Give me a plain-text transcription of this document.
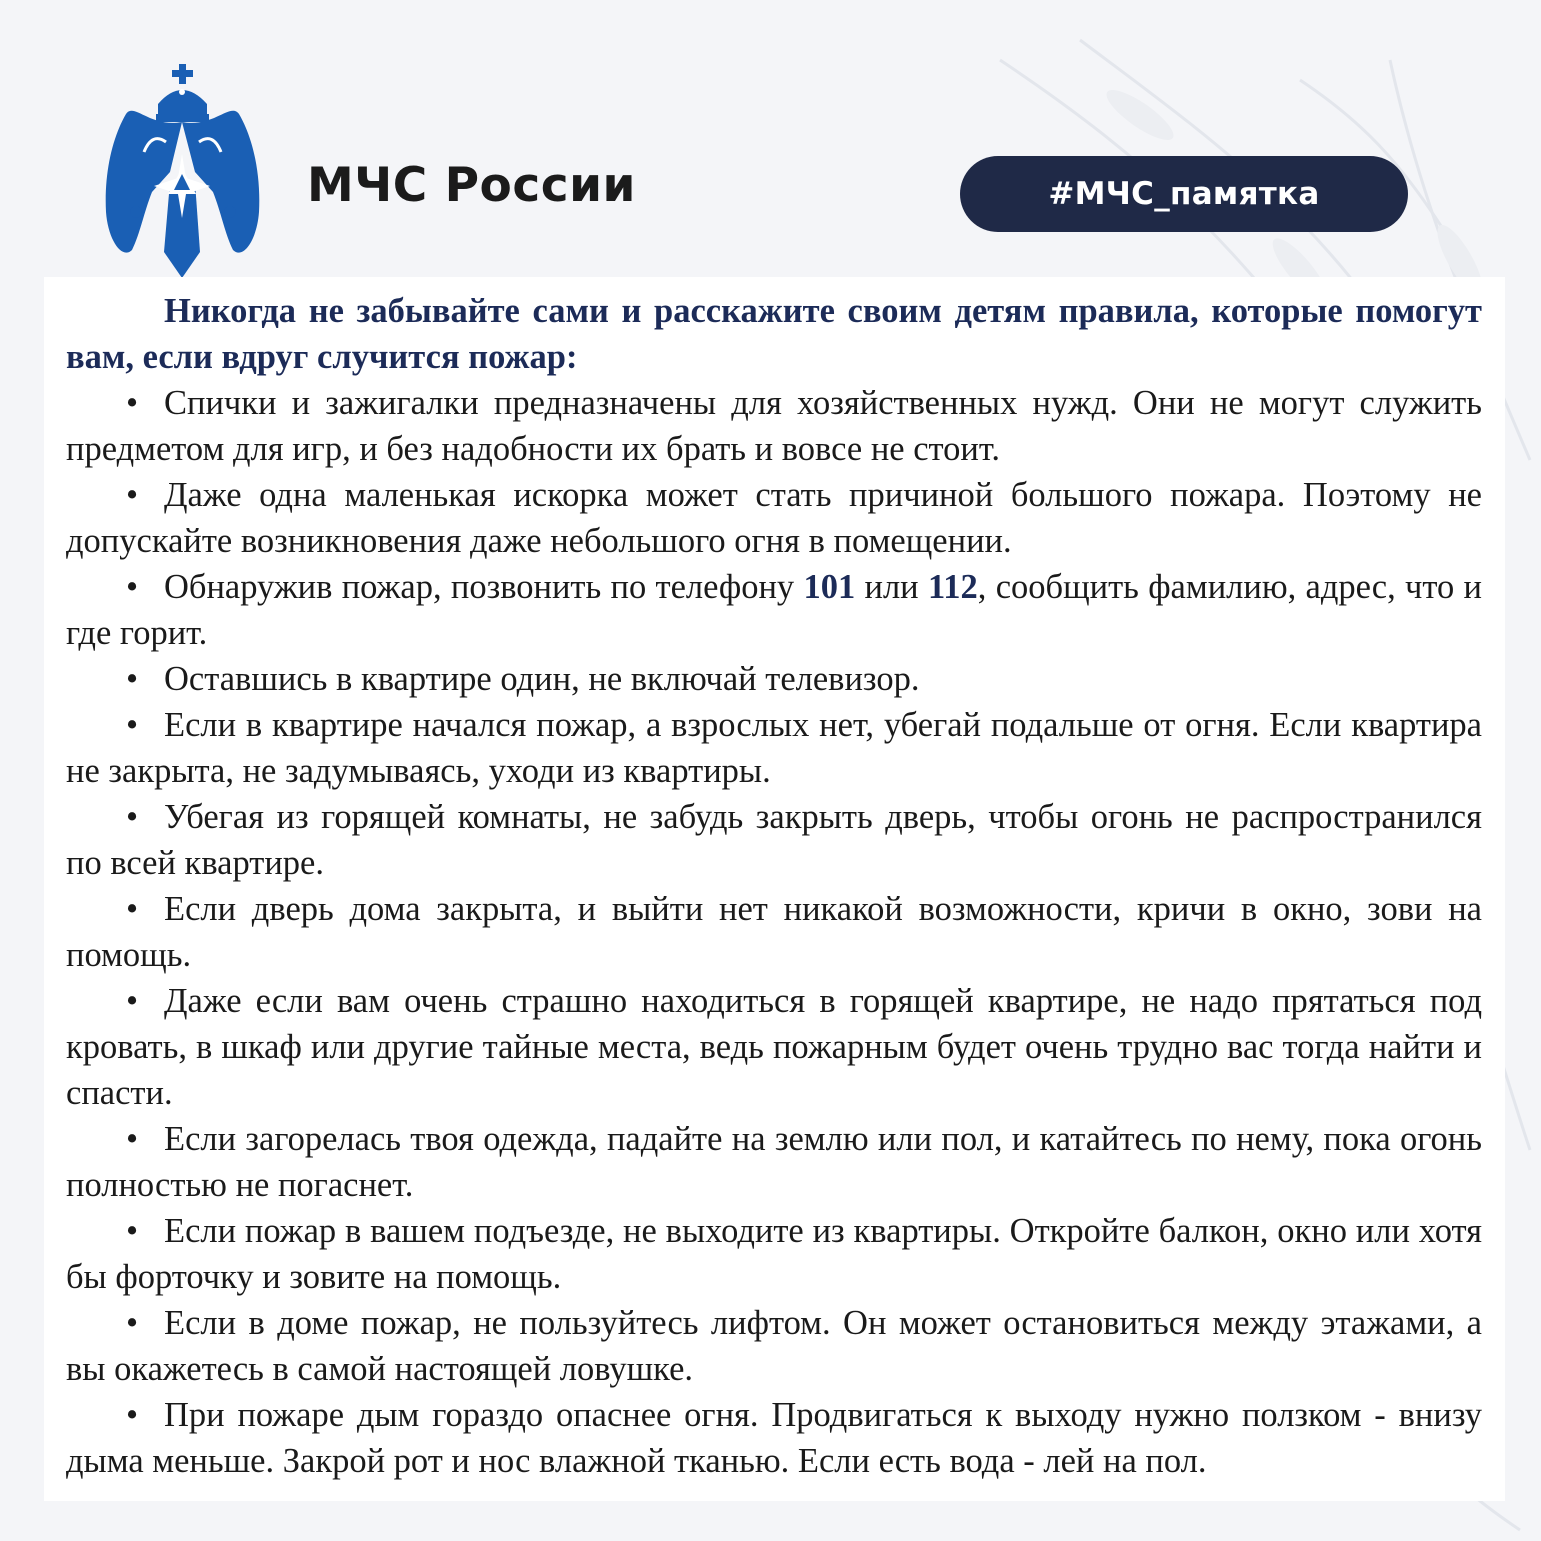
МЧС России	#МЧС_памятка

Никогда не забывайте сами и расскажите своим детям правила, которые помогут вам, если вдруг случится пожар:

• Спички и зажигалки предназначены для хозяйственных нужд. Они не могут служить предметом для игр, и без надобности их брать и вовсе не стоит.

• Даже одна маленькая искорка может стать причиной большого пожара. Поэтому не допускайте возникновения даже небольшого огня в помещении.

• Обнаружив пожар, позвонить по телефону 101 или 112, сообщить фамилию, адрес, что и где горит.

• Оставшись в квартире один, не включай телевизор.

• Если в квартире начался пожар, а взрослых нет, убегай подальше от огня. Если квартира не закрыта, не задумываясь, уходи из квартиры.

• Убегая из горящей комнаты, не забудь закрыть дверь, чтобы огонь не распространился по всей квартире.

• Если дверь дома закрыта, и выйти нет никакой возможности, кричи в окно, зови на помощь.

• Даже если вам очень страшно находиться в горящей квартире, не надо прятаться под кровать, в шкаф или другие тайные места, ведь пожарным будет очень трудно вас тогда найти и спасти.

• Если загорелась твоя одежда, падайте на землю или пол, и катайтесь по нему, пока огонь полностью не погаснет.

• Если пожар в вашем подъезде, не выходите из квартиры. Откройте балкон, окно или хотя бы форточку и зовите на помощь.

• Если в доме пожар, не пользуйтесь лифтом. Он может остановиться между этажами, а вы окажетесь в самой настоящей ловушке.

• При пожаре дым гораздо опаснее огня. Продвигаться к выходу нужно ползком - внизу дыма меньше. Закрой рот и нос влажной тканью. Если есть вода - лей на пол.
